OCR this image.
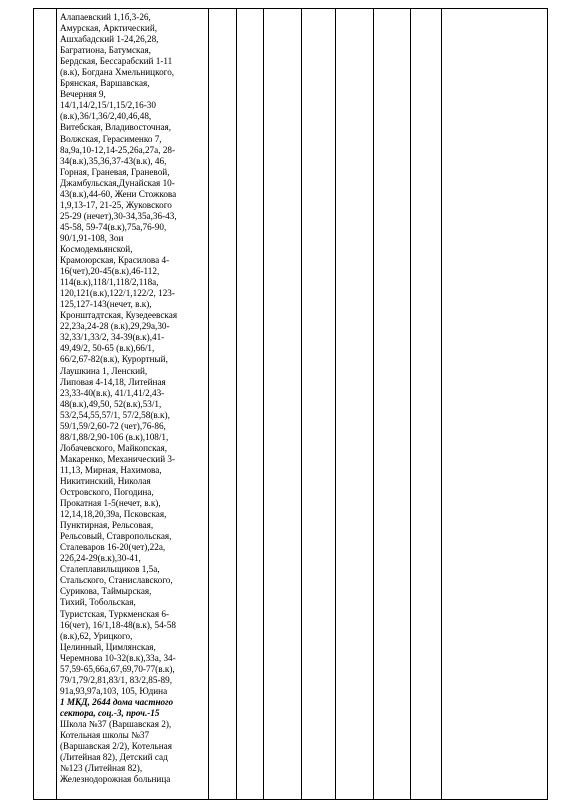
Алапаевский 1,1б,3-26,
Амурская, Арктический,
Ашхабадский 1-24,26,28,
Багратиона, Батумская,
Бердская, Бессарабский 1-11
(в.к), Богдана Хмельницкого,
Брянская, Варшавская,
Вечерняя 9,
14/1,14/2,15/1,15/2,16-30
(в.к),36/1,36/2,40,46,48,
Витебская, Владивосточная,
Волжская, Герасименко 7,
8а,9а,10-12,14-25,26а,27а, 28-
34(в.к),35,36,37-43(в.к), 46,
Горная, Граневая, Граневой,
Джамбульская,Дунайская 10-
43(в.к),44-60, Жени Стожкова
1,9,13-17, 21-25, Жуковского
25-29 (нечет),30-34,35а,36-43,
45-58, 59-74(в.к),75а,76-90,
90/1,91-108, Зои
Космодемьянской,
Крамоюрская, Красилова 4-
16(чет),20-45(в.к),46-112,
114(в.к),118/1,118/2,118а,
120,121(в.к),122/1,122/2, 123-
125,127-143(нечет, в.к),
Кронштадтская, Кузедеевская
22,23а,24-28 (в.к),29,29а,30-
32,33/1,33/2, 34-39(в.к),41-
49,49/2, 50-65 (в.к),66/1,
66/2,67-82(в.к), Курортный,
Лаушкина 1, Ленский,
Липовая 4-14,18, Литейная
23,33-40(в.к), 41/1,41/2,43-
48(в.к),49,50, 52(в.к),53/1,
53/2,54,55,57/1, 57/2,58(в.к),
59/1,59/2,60-72 (чет),76-86,
88/1,88/2,90-106 (в.к),108/1,
Лобачевского, Майкопская,
Макаренко, Механический 3-
11,13, Мирная, Нахимова,
Никитинский, Николая
Островского, Погодина,
Прокатная 1-5(нечет, в.к),
12,14,18,20,39а, Псковская,
Пунктирная, Рельсовая,
Рельсовый, Ставропольская,
Сталеваров 16-20(чет),22а,
22б,24-29(в.к),30-41,
Сталеплавильщиков 1,5а,
Стальского, Станиславского,
Сурикова, Таймырская,
Тихий, Тобольская,
Туристская, Туркменская 6-
16(чет), 16/1,18-48(в.к), 54-58
(в.к),62, Урицкого,
Целинный, Цимлянская,
Черемнова 10-32(в.к),33а, 34-
57,59-65,66а,67,69,70-77(в.к),
79/1,79/2,81,83/1, 83/2,85-89,
91а,93,97а,103, 105, Юдина
1 МКД, 2644 дома частного
сектора, соц.-3, проч.-15
Школа №37 (Варшавская 2),
Котельная школы №37
(Варшавская 2/2), Котельная
(Литейная 82), Детский сад
№123 (Литейная 82),
Железнодорожная больница
